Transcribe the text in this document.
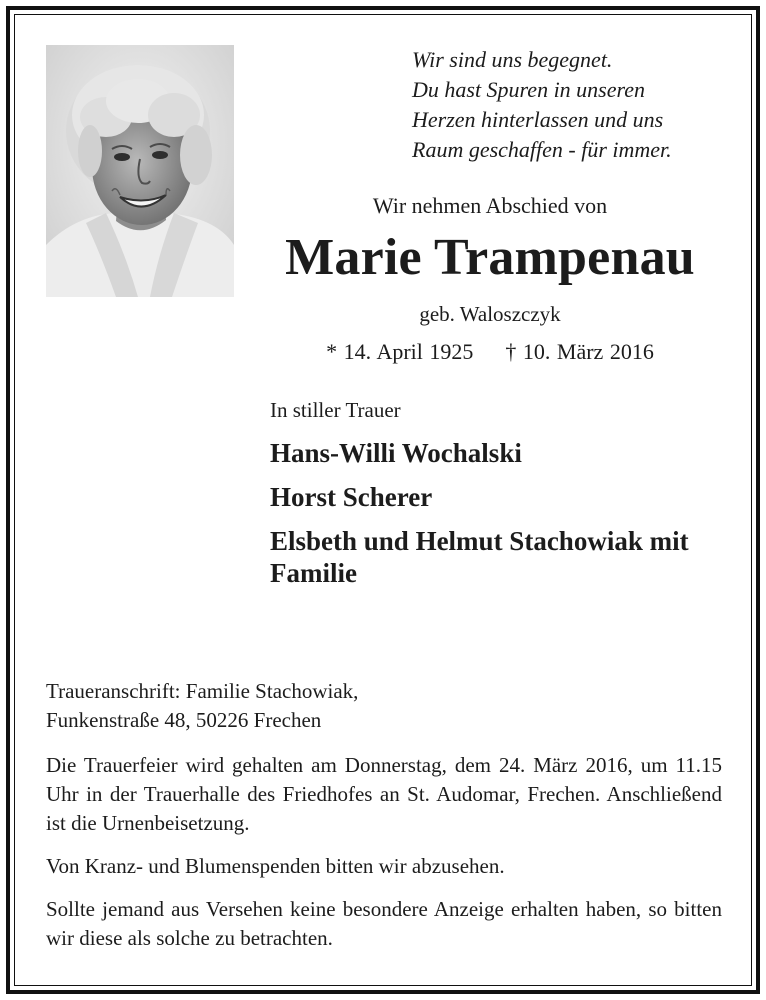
Wir sind uns begegnet.
Du hast Spuren in unseren
Herzen hinterlassen und uns
Raum geschaffen - für immer.
Wir nehmen Abschied von
Marie Trampenau
geb. Waloszczyk
* 14. April 1925 † 10. März 2016
In stiller Trauer
Hans-Willi Wochalski
Horst Scherer
Elsbeth und Helmut Stachowiak mit Familie

Traueranschrift: Familie Stachowiak,
Funkenstraße 48, 50226 Frechen

Die Trauerfeier wird gehalten am Donnerstag, dem 24. März 2016, um 11.15 Uhr in der Trauerhalle des Friedhofes an St. Audomar, Frechen. Anschließend ist die Urnenbeisetzung.

Von Kranz- und Blumenspenden bitten wir abzusehen.

Sollte jemand aus Versehen keine besondere Anzeige erhalten haben, so bitten wir diese als solche zu betrachten.
